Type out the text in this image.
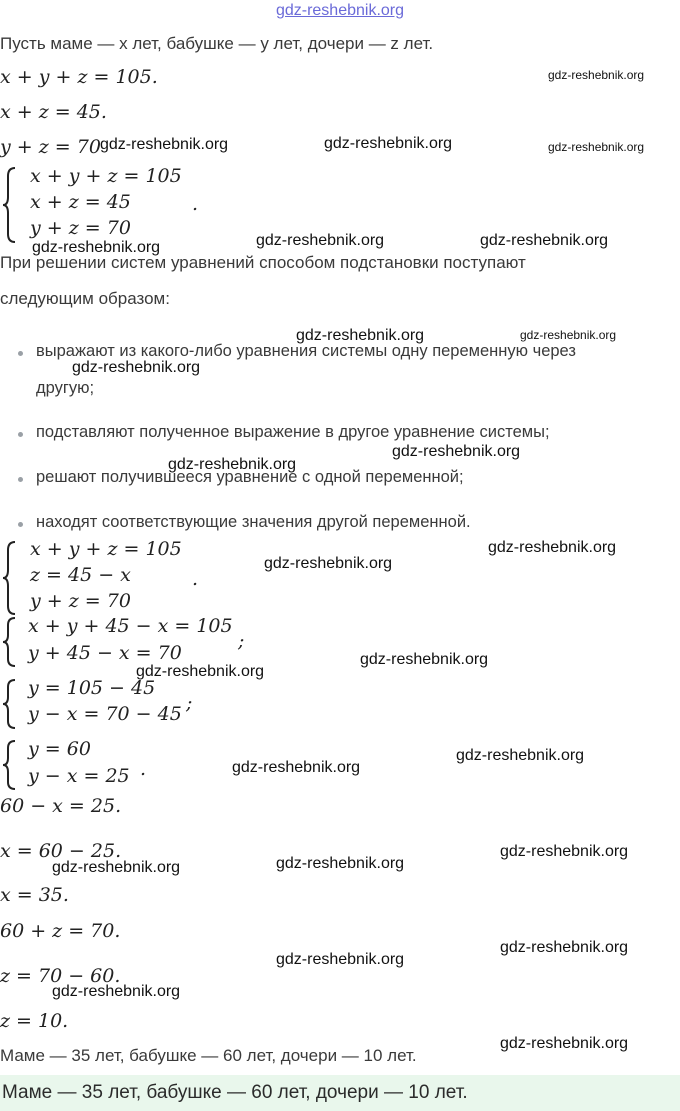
gdz-reshebnik.org
Пусть маме — x лет, бабушке — y лет, дочери — z лет.
x + y + z = 105.
x + z = 45.
y + z = 70
x + y + z = 105
x + z = 45
y + z = 70
.
При решении систем уравнений способом подстановки поступают
следующим образом:
выражают из какого-либо уравнения системы одну переменную через
другую;
подставляют полученное выражение в другое уравнение системы;
решают получившееся уравнение с одной переменной;
находят соответствующие значения другой переменной.
x + y + z = 105
z = 45 − x
y + z = 70
.
x + y + 45 − x = 105
y + 45 − x = 70
;
y = 105 − 45
y − x = 70 − 45 ;
y = 60
y − x = 25 .
60 − x = 25.
x = 60 − 25.
x = 35.
60 + z = 70.
z = 70 − 60.
z = 10.
Маме — 35 лет, бабушке — 60 лет, дочери — 10 лет.
Маме — 35 лет, бабушке — 60 лет, дочери — 10 лет.
gdz-reshebnik.org
gdz-reshebnik.org	gdz-reshebnik.org	gdz-reshebnik.org
gdz-reshebnik.org	gdz-reshebnik.org	gdz-reshebnik.org
gdz-reshebnik.org	gdz-reshebnik.org
gdz-reshebnik.org
gdz-reshebnik.org
gdz-reshebnik.org
gdz-reshebnik.org
gdz-reshebnik.org
gdz-reshebnik.org
gdz-reshebnik.org
gdz-reshebnik.org
gdz-reshebnik.org
gdz-reshebnik.org
gdz-reshebnik.org	gdz-reshebnik.org
gdz-reshebnik.org
gdz-reshebnik.org
gdz-reshebnik.org
gdz-reshebnik.org
